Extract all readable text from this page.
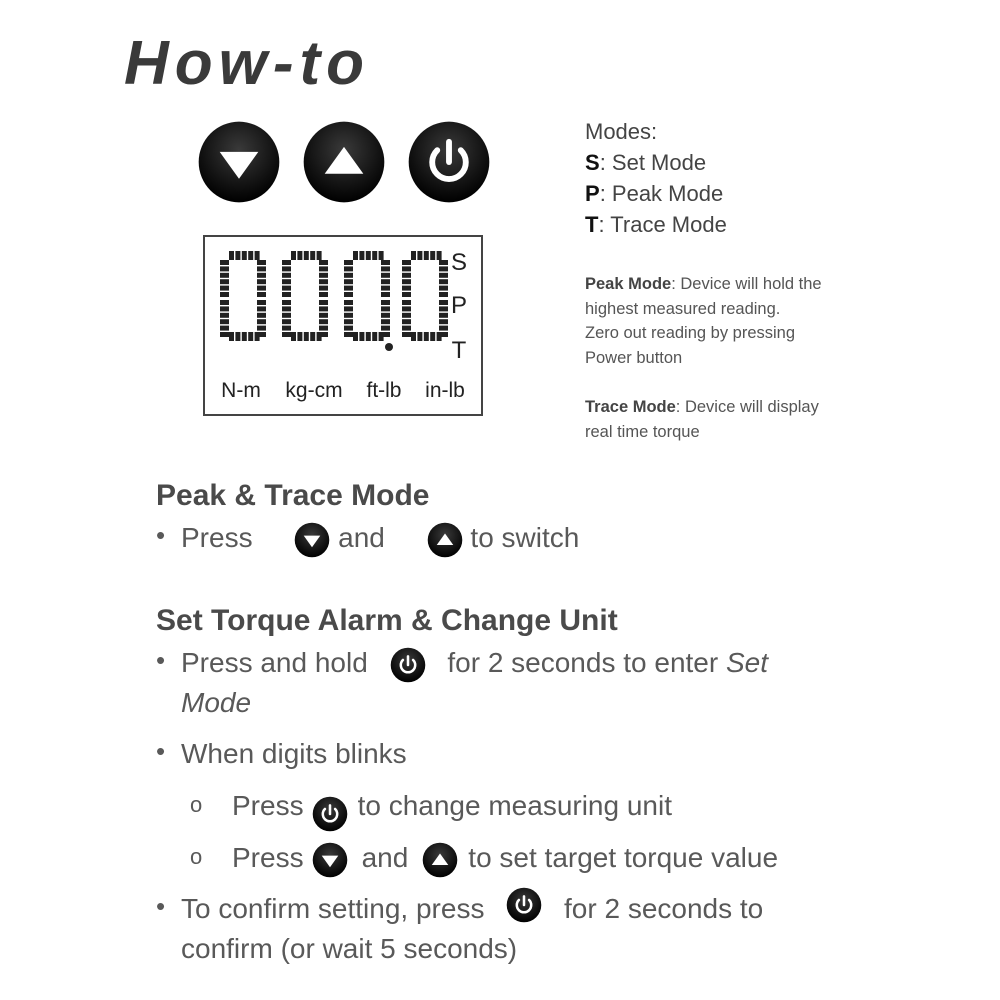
How-to
S
P
T
N-m kg-cm ft-lb in-lb
Modes:
S: Set Mode
P: Peak Mode
T: Trace Mode
Peak Mode: Device will hold the
highest measured reading.
Zero out reading by pressing
Power button
Trace Mode: Device will display
real time torque
Peak & Trace Mode
• Press	and	to switch
Set Torque Alarm & Change Unit
• Press and hold	for 2 seconds to enter Set
Mode
• When digits blinks
o Press to change measuring unit
o Press and to set target torque value
• To confirm setting, press	for 2 seconds to
confirm (or wait 5 seconds)
